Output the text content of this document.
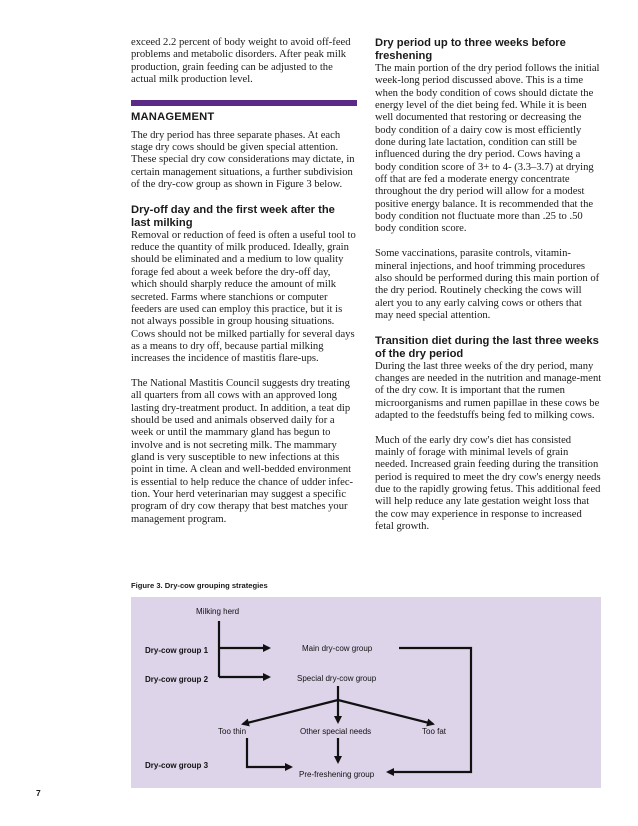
exceed 2.2 percent of body weight to avoid off-feed problems and metabolic disorders. After peak milk production, grain feeding can be adjusted to the actual milk production level.

MANAGEMENT

The dry period has three separate phases. At each stage dry cows should be given special attention. These special dry cow considerations may dictate, in certain management situations, a further subdivision of the dry-cow group as shown in Figure 3 below.

Dry-off day and the first week after the last milking

Removal or reduction of feed is often a useful tool to reduce the quantity of milk produced. Ideally, grain should be eliminated and a medium to low quality forage fed about a week before the dry-off day, which should sharply reduce the amount of milk secreted. Farms where stanchions or computer feeders are used can employ this practice, but it is not always possible in group housing situations. Cows should not be milked partially for several days as a means to dry off, because partial milking increases the incidence of mastitis flare-ups.

The National Mastitis Council suggests dry treating all quarters from all cows with an approved long lasting dry-treatment product. In addition, a teat dip should be used and animals observed daily for a week or until the mammary gland has begun to involve and is not secreting milk. The mammary gland is very susceptible to new infections at this point in time. A clean and well-bedded environment is essential to help reduce the chance of udder infec-tion. Your herd veterinarian may suggest a specific program of dry cow therapy that best matches your management program.

Dry period up to three weeks before freshening

The main portion of the dry period follows the initial week-long period discussed above. This is a time when the body condition of cows should dictate the energy level of the diet being fed. While it is been well documented that restoring or decreasing the body condition of a dairy cow is most efficiently done during late lactation, condition can still be influenced during the dry period. Cows having a body condition score of 3+ to 4- (3.3–3.7) at drying off that are fed a moderate energy concentrate throughout the dry period will allow for a modest positive energy balance. It is recommended that the body condition not fluctuate more than .25 to .50 body condition score.

Some vaccinations, parasite controls, vitamin-mineral injections, and hoof trimming procedures also should be performed during this main portion of the dry period. Routinely checking the cows will alert you to any early calving cows or others that may need special attention.

Transition diet during the last three weeks of the dry period

During the last three weeks of the dry period, many changes are needed in the nutrition and manage-ment of the dry cow. It is important that the rumen microorganisms and rumen papillae in these cows be adapted to the feedstuffs being fed to milking cows.

Much of the early dry cow's diet has consisted mainly of forage with minimal levels of grain needed. Increased grain feeding during the transition period is required to meet the dry cow's energy needs due to the rapidly growing fetus. This additional feed will help reduce any late gestation weight loss that the cow may experience in response to increased fetal growth.

Figure 3. Dry-cow grouping strategies
Milking herd
Dry-cow group 1
Dry-cow group 2
Dry-cow group 3
Main dry-cow group
Special dry-cow group
Too thin	Other special needs	Too fat
Pre-freshening group
7
